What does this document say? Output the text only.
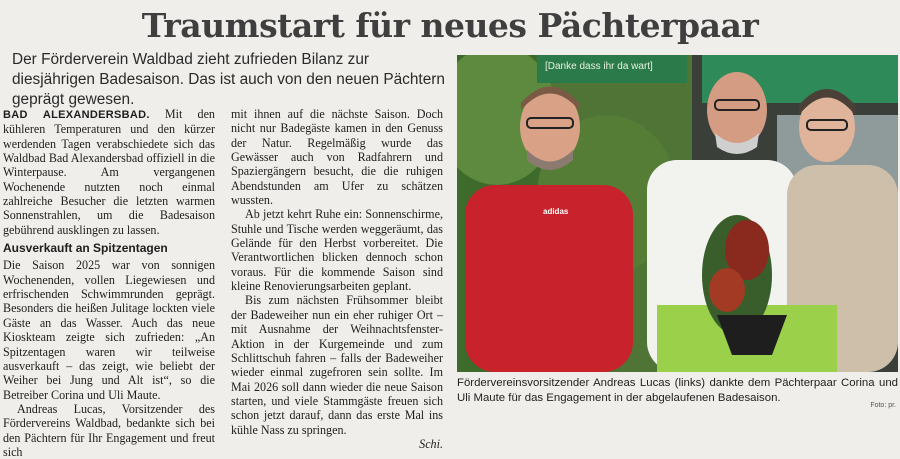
Traumstart für neues Pächterpaar
Der Förderverein Waldbad zieht zufrieden Bilanz zur diesjährigen Badesaison. Das ist auch von den neuen Pächtern geprägt gewesen.

BAD ALEXANDERSBAD. Mit den kühleren Temperaturen und den kürzer werdenden Tagen verabschiedete sich das Waldbad Bad Alexandersbad offiziell in die Winterpause. Am vergangenen Wochenende nutzten noch einmal zahlreiche Besucher die letzten warmen Sonnenstrahlen, um die Badesaison gebührend ausklingen zu lassen.

Ausverkauft an Spitzentagen

Die Saison 2025 war von sonnigen Wochenenden, vollen Liegewiesen und erfrischenden Schwimmrunden geprägt. Besonders die heißen Julitage lockten viele Gäste an das Wasser. Auch das neue Kioskteam zeigte sich zufrieden: „An Spitzentagen waren wir teilweise ausverkauft – das zeigt, wie beliebt der Weiher bei Jung und Alt ist“, so die Betreiber Corina und Uli Maute.

Andreas Lucas, Vorsitzender des Fördervereins Waldbad, bedankte sich bei den Pächtern für Ihr Engagement und freut sich

mit ihnen auf die nächste Saison. Doch nicht nur Badegäste kamen in den Genuss der Natur. Regelmäßig wurde das Gewässer auch von Radfahrern und Spaziergängern besucht, die die ruhigen Abendstunden am Ufer zu schätzen wussten.

Ab jetzt kehrt Ruhe ein: Sonnenschirme, Stuhle und Tische werden weggeräumt, das Gelände für den Herbst vorbereitet. Die Verantwortlichen blicken dennoch schon voraus. Für die kommende Saison sind kleine Renovierungsarbeiten geplant.

Bis zum nächsten Frühsommer bleibt der Badeweiher nun ein eher ruhiger Ort – mit Ausnahme der Weihnachtsfenster-Aktion in der Kurgemeinde und zum Schlittschuh fahren – falls der Badeweiher wieder einmal zugefroren sein sollte. Im Mai 2026 soll dann wieder die neue Saison starten, und viele Stammgäste freuen sich schon jetzt darauf, dann das erste Mal ins kühle Nass zu springen.

Schi.
[Danke dass ihr da wart]
adidas
Fördervereinsvorsitzender Andreas Lucas (links) dankte dem Pächterpaar Corina und Uli Maute für das Engagement in der abgelaufenen Badesaison.
Foto: pr.
